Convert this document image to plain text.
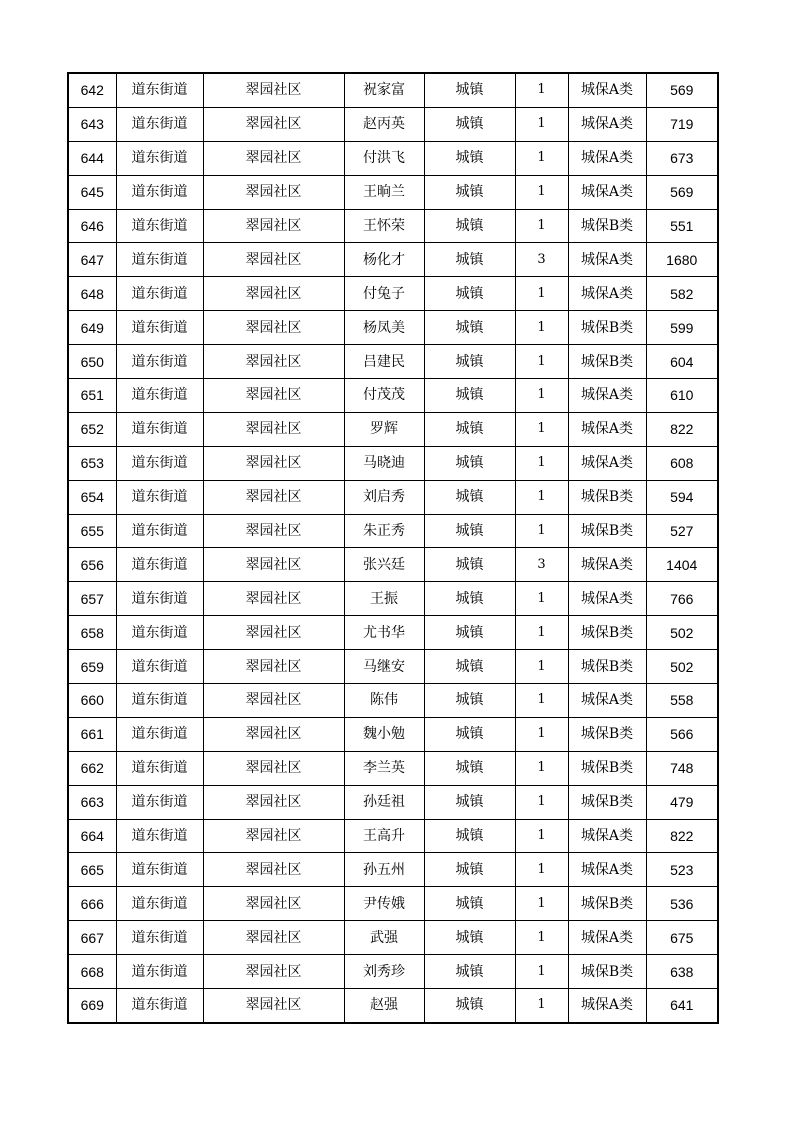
642	道东街道	翠园社区	祝家富	城镇	1	城保A类	569
643	道东街道	翠园社区	赵丙英	城镇	1	城保A类	719
644	道东街道	翠园社区	付洪飞	城镇	1	城保A类	673
645	道东街道	翠园社区	王晌兰	城镇	1	城保A类	569
646	道东街道	翠园社区	王怀荣	城镇	1	城保B类	551
647	道东街道	翠园社区	杨化才	城镇	3	城保A类	1680
648	道东街道	翠园社区	付兔子	城镇	1	城保A类	582
649	道东街道	翠园社区	杨凤美	城镇	1	城保B类	599
650	道东街道	翠园社区	吕建民	城镇	1	城保B类	604
651	道东街道	翠园社区	付茂茂	城镇	1	城保A类	610
652	道东街道	翠园社区	罗辉	城镇	1	城保A类	822
653	道东街道	翠园社区	马晓迪	城镇	1	城保A类	608
654	道东街道	翠园社区	刘启秀	城镇	1	城保B类	594
655	道东街道	翠园社区	朱正秀	城镇	1	城保B类	527
656	道东街道	翠园社区	张兴廷	城镇	3	城保A类	1404
657	道东街道	翠园社区	王振	城镇	1	城保A类	766
658	道东街道	翠园社区	尤书华	城镇	1	城保B类	502
659	道东街道	翠园社区	马继安	城镇	1	城保B类	502
660	道东街道	翠园社区	陈伟	城镇	1	城保A类	558
661	道东街道	翠园社区	魏小勉	城镇	1	城保B类	566
662	道东街道	翠园社区	李兰英	城镇	1	城保B类	748
663	道东街道	翠园社区	孙廷祖	城镇	1	城保B类	479
664	道东街道	翠园社区	王高升	城镇	1	城保A类	822
665	道东街道	翠园社区	孙五州	城镇	1	城保A类	523
666	道东街道	翠园社区	尹传娥	城镇	1	城保B类	536
667	道东街道	翠园社区	武强	城镇	1	城保A类	675
668	道东街道	翠园社区	刘秀珍	城镇	1	城保B类	638
669	道东街道	翠园社区	赵强	城镇	1	城保A类	641
